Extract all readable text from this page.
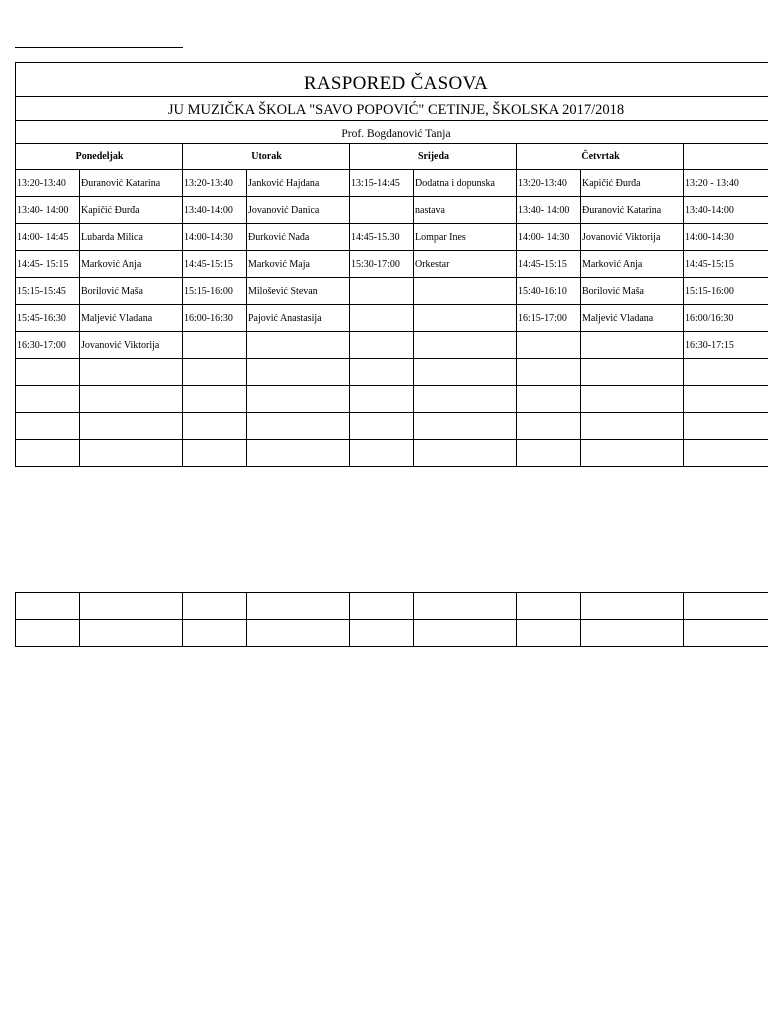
RASPORED ČASOVA
JU MUZIČKA ŠKOLA "SAVO POPOVIĆ" CETINJE, ŠKOLSKA 2017/2018
Prof. Bogdanović Tanja
Ponedeljak		Utorak		Srijeda		Četvrtak		
13:20-13:40	Đuranović Katarina	13:20-13:40	Janković Hajdana	13:15-14:45	Dodatna i dopunska	13:20-13:40	Kapičić Đurđa	13:20 - 13:40
13:40- 14:00	Kapičić Đurđa	13:40-14:00	Jovanović Danica		nastava	13:40- 14:00	Đuranović Katarina	13:40-14:00
14:00- 14:45	Lubarda Milica	14:00-14:30	Đurković Nađa	14:45-15.30	Lompar Ines	14:00- 14:30	Jovanović Viktorija	14:00-14:30
14:45- 15:15	Marković Anja	14:45-15:15	Marković Maja	15:30-17:00	Orkestar	14:45-15:15	Marković Anja	14:45-15:15
15:15-15:45	Borilović Maša	15:15-16:00	Milošević Stevan			15:40-16:10	Borilović Maša	15:15-16:00
15:45-16:30	Maljević Vladana	16:00-16:30	Pajović Anastasija			16:15-17:00	Maljević Vladana	16:00/16:30
16:30-17:00	Jovanović Viktorija							16:30-17:15
